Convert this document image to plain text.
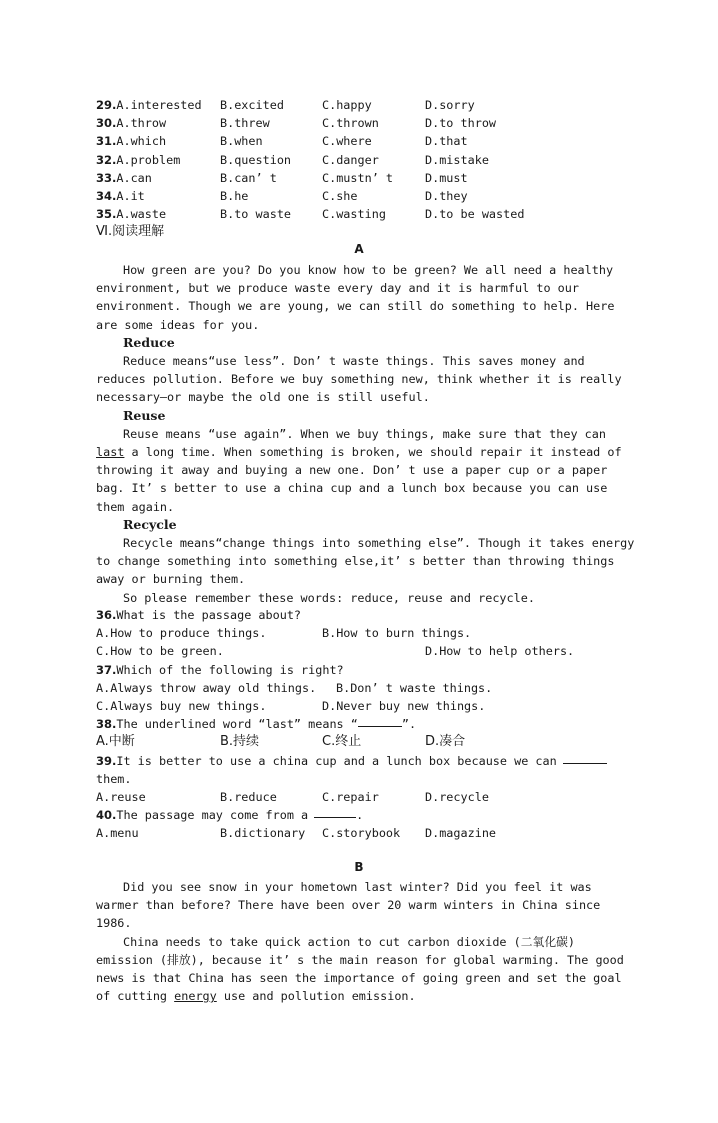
29.A.interested	B.excited	C.happy	D.sorry
30.A.throw	B.threw	C.thrown	D.to throw
31.A.which	B.when	C.where	D.that
32.A.problem	B.question	C.danger	D.mistake
33.A.can	B.can’ t	C.mustn’ t	D.must
34.A.it	B.he	C.she	D.they
35.A.waste	B.to waste	C.wasting	D.to be wasted
Ⅵ.阅读理解
A

How green are you? Do you know how to be green? We all need a healthy environment, but we produce waste every day and it is harmful to our environment. Though we are young, we can still do something to help. Here are some ideas for you.

Reduce

Reduce means“use less”. Don’ t waste things. This saves money and reduces pollution. Before we buy something new, think whether it is really necessary—or maybe the old one is still useful.

Reuse

Reuse means “use again”. When we buy things, make sure that they can last a long time. When something is broken, we should repair it instead of throwing it away and buying a new one. Don’ t use a paper cup or a paper bag. It’ s better to use a china cup and a lunch box because you can use them again.

Recycle

Recycle means“change things into something else”. Though it takes energy to change something into something else,it’ s better than throwing things away or burning them.

So please remember these words: reduce, reuse and recycle.

36. What is the passage about?
A.How to produce things.	B.How to burn things.
C.How to be green.	D.How to help others.
37. Which of the following is right?
A.Always throw away old things.	B.Don’ t waste things.
C.Always buy new things.	D.Never buy new things.
38. The underlined word “last” means “	”.
A.中断	B.持续	C.终止	D.凑合
39. It is better to use a china cup and a lunch box because we can
them.
A.reuse	B.reduce	C.repair	D.recycle
40. The passage may come from a	.
A.menu	B.dictionary	C.storybook	D.magazine
B

Did you see snow in your hometown last winter? Did you feel it was warmer than before? There have been over 20 warm winters in China since 1986.

China needs to take quick action to cut carbon dioxide (二氧化碳) emission (排放), because it’ s the main reason for global warming. The good news is that China has seen the importance of going green and set the goal of cutting energy use and pollution emission.
